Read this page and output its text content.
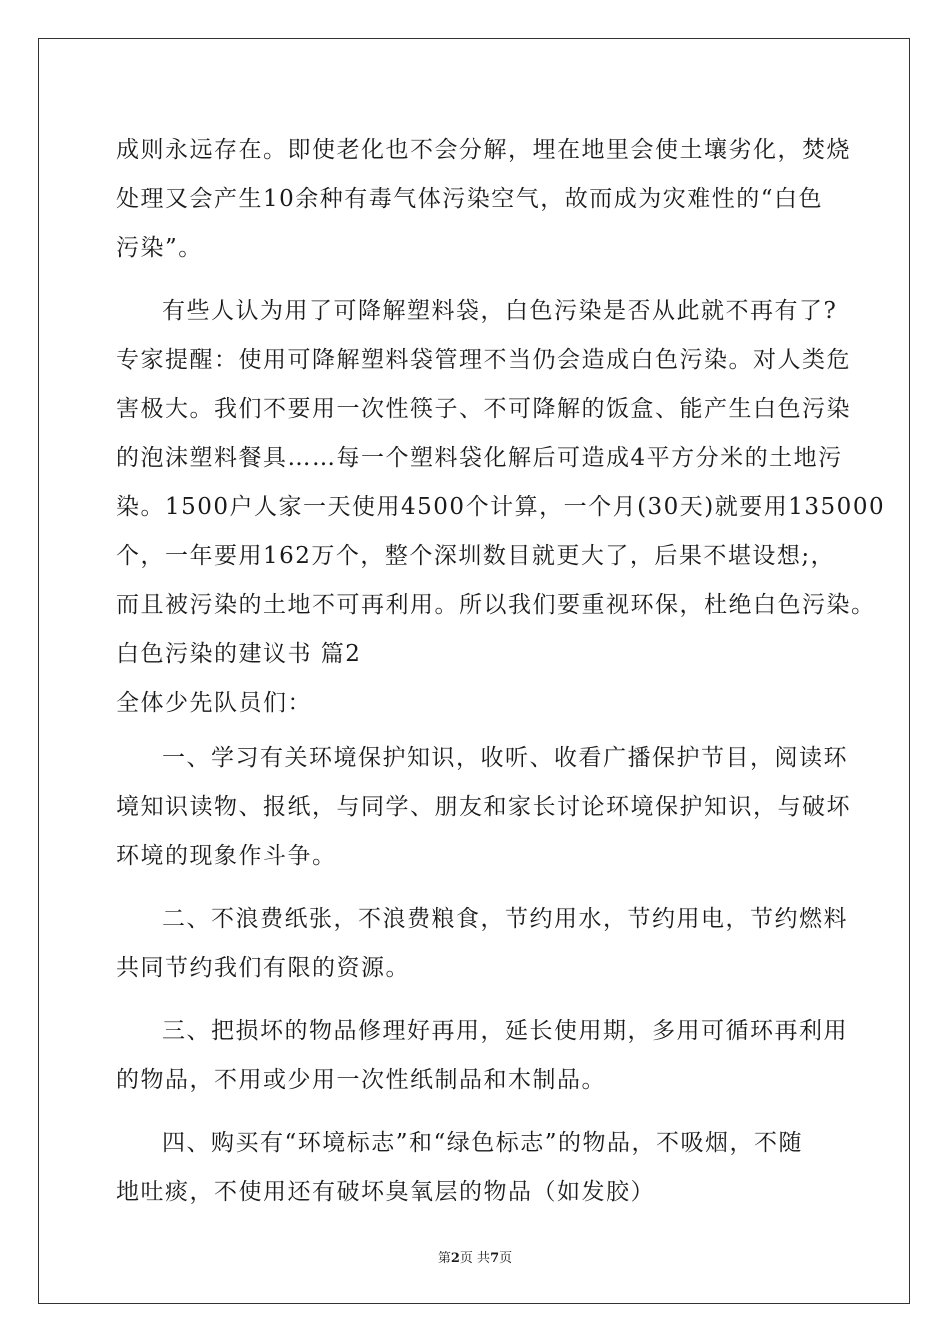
成则永远存在。即使老化也不会分解，埋在地里会使土壤劣化，焚烧
处理又会产生10余种有毒气体污染空气，故而成为灾难性的“白色
污染”。
有些人认为用了可降解塑料袋，白色污染是否从此就不再有了?
专家提醒：使用可降解塑料袋管理不当仍会造成白色污染。对人类危
害极大。我们不要用一次性筷子、不可降解的饭盒、能产生白色污染
的泡沫塑料餐具……每一个塑料袋化解后可造成4平方分米的土地污
染。1500户人家一天使用4500个计算，一个月(30天)就要用135000
个，一年要用162万个，整个深圳数目就更大了，后果不堪设想;，
而且被污染的土地不可再利用。所以我们要重视环保，杜绝白色污染。
白色污染的建议书 篇2
全体少先队员们：
一、学习有关环境保护知识，收听、收看广播保护节目，阅读环
境知识读物、报纸，与同学、朋友和家长讨论环境保护知识，与破坏
环境的现象作斗争。
二、不浪费纸张，不浪费粮食，节约用水，节约用电，节约燃料
共同节约我们有限的资源。
三、把损坏的物品修理好再用，延长使用期，多用可循环再利用
的物品，不用或少用一次性纸制品和木制品。
四、购买有“环境标志”和“绿色标志”的物品，不吸烟，不随
地吐痰，不使用还有破坏臭氧层的物品（如发胶）
第2页 共7页
